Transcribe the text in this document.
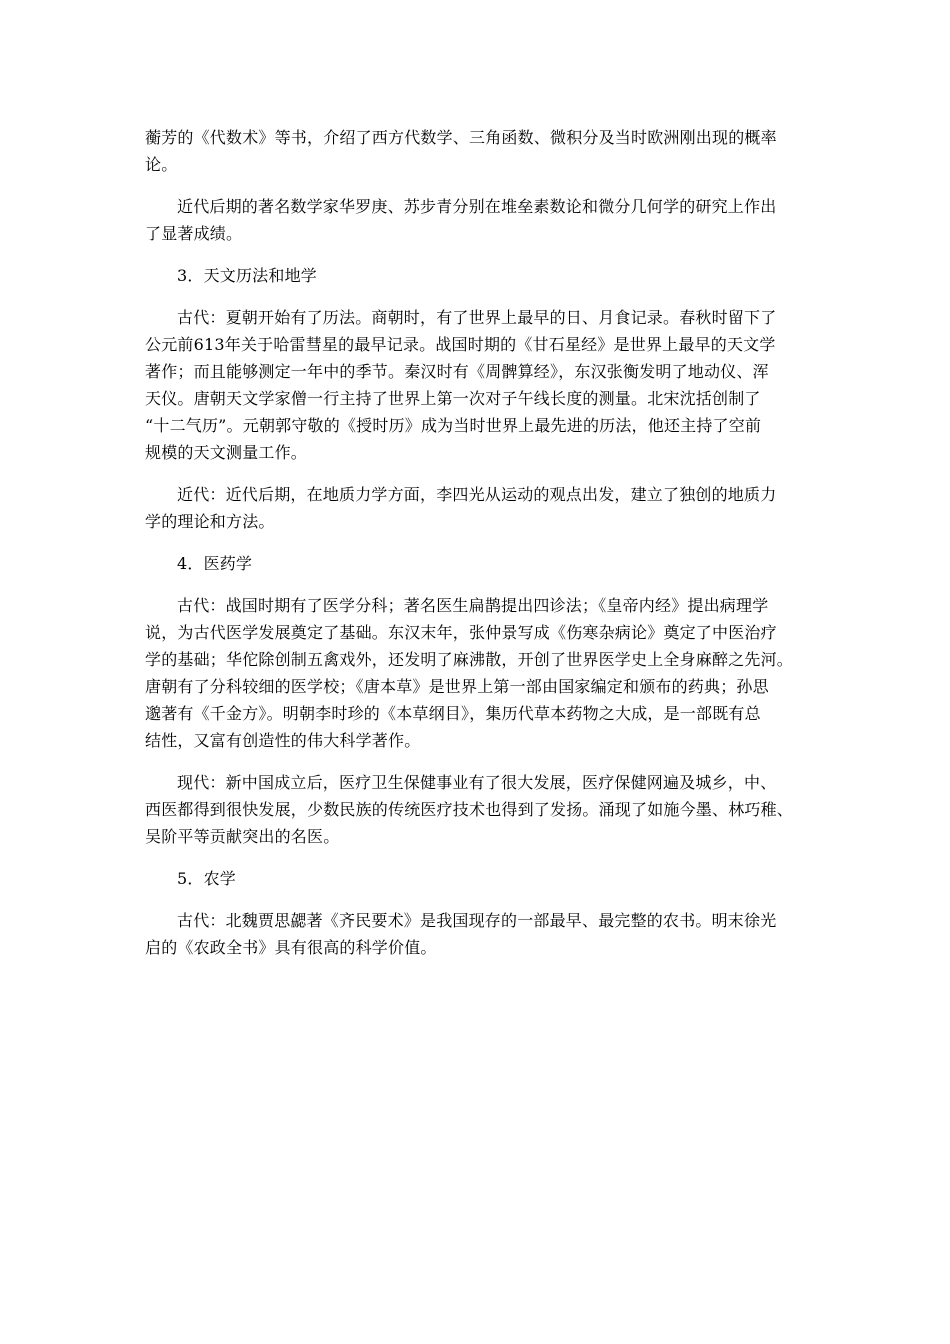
蘅芳的《代数术》等书，介绍了西方代数学、三角函数、微积分及当时欧洲刚出现的概率
论。
近代后期的著名数学家华罗庚、苏步青分别在堆垒素数论和微分几何学的研究上作出
了显著成绩。
3．天文历法和地学
古代：夏朝开始有了历法。商朝时，有了世界上最早的日、月食记录。春秋时留下了
公元前613年关于哈雷彗星的最早记录。战国时期的《甘石星经》是世界上最早的天文学
著作；而且能够测定一年中的季节。秦汉时有《周髀算经》，东汉张衡发明了地动仪、浑
天仪。唐朝天文学家僧一行主持了世界上第一次对子午线长度的测量。北宋沈括创制了
“十二气历”。元朝郭守敬的《授时历》成为当时世界上最先进的历法，他还主持了空前
规模的天文测量工作。
近代：近代后期，在地质力学方面，李四光从运动的观点出发，建立了独创的地质力
学的理论和方法。
4．医药学
古代：战国时期有了医学分科；著名医生扁鹊提出四诊法；《皇帝内经》提出病理学
说，为古代医学发展奠定了基础。东汉末年，张仲景写成《伤寒杂病论》奠定了中医治疗
学的基础；华佗除创制五禽戏外，还发明了麻沸散，开创了世界医学史上全身麻醉之先河。
唐朝有了分科较细的医学校；《唐本草》是世界上第一部由国家编定和颁布的药典；孙思
邈著有《千金方》。明朝李时珍的《本草纲目》，集历代草本药物之大成，是一部既有总
结性，又富有创造性的伟大科学著作。
现代：新中国成立后，医疗卫生保健事业有了很大发展，医疗保健网遍及城乡，中、
西医都得到很快发展，少数民族的传统医疗技术也得到了发扬。涌现了如施今墨、林巧稚、
吴阶平等贡献突出的名医。
5．农学
古代：北魏贾思勰著《齐民要术》是我国现存的一部最早、最完整的农书。明末徐光
启的《农政全书》具有很高的科学价值。
